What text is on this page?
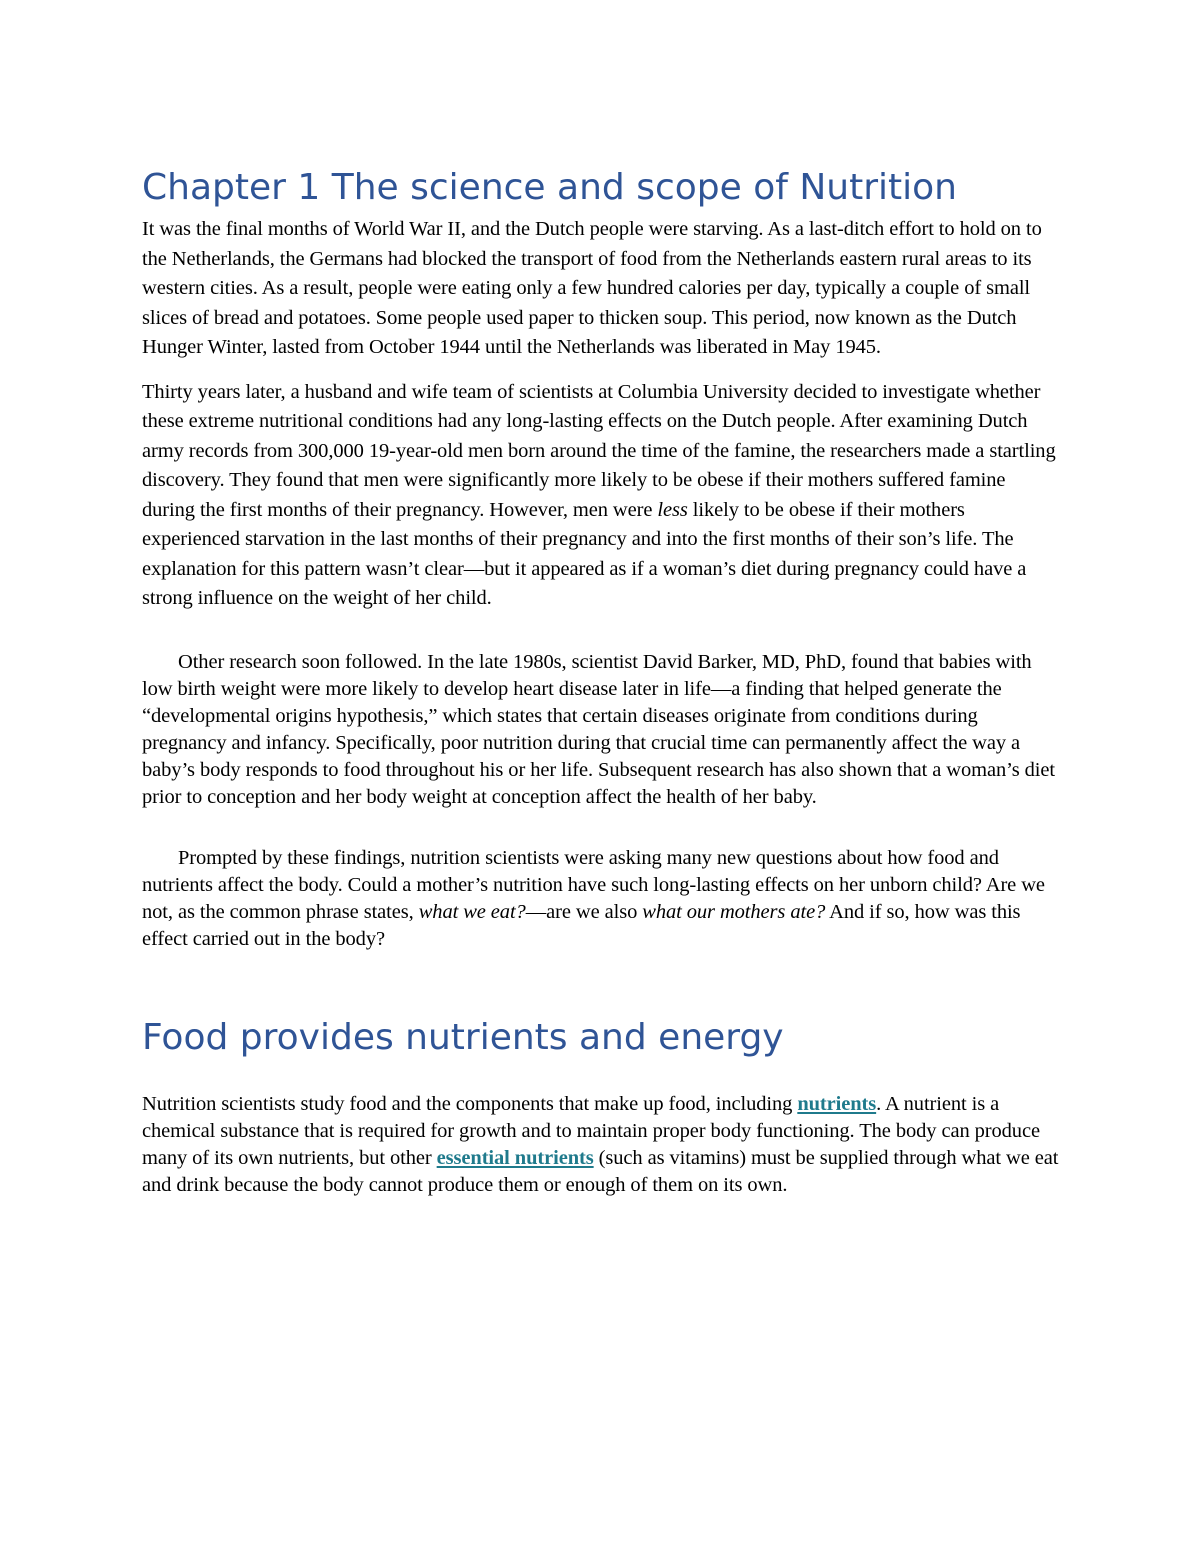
Chapter 1 The science and scope of Nutrition

It was the final months of World War II, and the Dutch people were starving. As a last-ditch effort to hold on to the Netherlands, the Germans had blocked the transport of food from the Netherlands eastern rural areas to its western cities. As a result, people were eating only a few hundred calories per day, typically a couple of small slices of bread and potatoes. Some people used paper to thicken soup. This period, now known as the Dutch Hunger Winter, lasted from October 1944 until the Netherlands was liberated in May 1945.

Thirty years later, a husband and wife team of scientists at Columbia University decided to investigate whether these extreme nutritional conditions had any long-lasting effects on the Dutch people. After examining Dutch army records from 300,000 19-year-old men born around the time of the famine, the researchers made a startling discovery. They found that men were significantly more likely to be obese if their mothers suffered famine during the first months of their pregnancy. However, men were less likely to be obese if their mothers experienced starvation in the last months of their pregnancy and into the first months of their son’s life. The explanation for this pattern wasn’t clear—but it appeared as if a woman’s diet during pregnancy could have a strong influence on the weight of her child.

Other research soon followed. In the late 1980s, scientist David Barker, MD, PhD, found that babies with low birth weight were more likely to develop heart disease later in life—a finding that helped generate the “developmental origins hypothesis,” which states that certain diseases originate from conditions during pregnancy and infancy. Specifically, poor nutrition during that crucial time can permanently affect the way a baby’s body responds to food throughout his or her life. Subsequent research has also shown that a woman’s diet prior to conception and her body weight at conception affect the health of her baby.

Prompted by these findings, nutrition scientists were asking many new questions about how food and nutrients affect the body. Could a mother’s nutrition have such long-lasting effects on her unborn child? Are we not, as the common phrase states, what we eat?—are we also what our mothers ate? And if so, how was this effect carried out in the body?

Food provides nutrients and energy

Nutrition scientists study food and the components that make up food, including nutrients. A nutrient is a chemical substance that is required for growth and to maintain proper body functioning. The body can produce many of its own nutrients, but other essential nutrients (such as vitamins) must be supplied through what we eat and drink because the body cannot produce them or enough of them on its own.
